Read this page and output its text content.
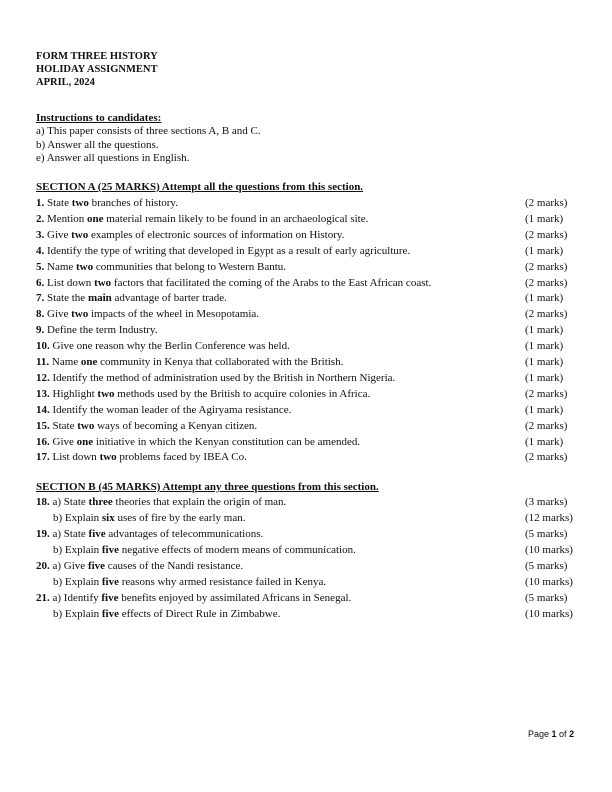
FORM THREE HISTORY
HOLIDAY ASSIGNMENT
APRIL, 2024
Instructions to candidates:
a) This paper consists of three sections A, B and C.
b) Answer all the questions.
e) Answer all questions in English.
SECTION A (25 MARKS) Attempt all the questions from this section.
1. State two branches of history.	(2 marks)
2. Mention one material remain likely to be found in an archaeological site.	(1 mark)
3. Give two examples of electronic sources of information on History.	(2 marks)
4. Identify the type of writing that developed in Egypt as a result of early agriculture.	(1 mark)
5. Name two communities that belong to Western Bantu.	(2 marks)
6. List down two factors that facilitated the coming of the Arabs to the East African coast.	(2 marks)
7. State the main advantage of barter trade.	(1 mark)
8. Give two impacts of the wheel in Mesopotamia.	(2 marks)
9. Define the term Industry.	(1 mark)
10. Give one reason why the Berlin Conference was held.	(1 mark)
11. Name one community in Kenya that collaborated with the British.	(1 mark)
12. Identify the method of administration used by the British in Northern Nigeria.	(1 mark)
13. Highlight two methods used by the British to acquire colonies in Africa.	(2 marks)
14. Identify the woman leader of the Agiryama resistance.	(1 mark)
15. State two ways of becoming a Kenyan citizen.	(2 marks)
16. Give one initiative in which the Kenyan constitution can be amended.	(1 mark)
17. List down two problems faced by IBEA Co.	(2 marks)
SECTION B (45 MARKS) Attempt any three questions from this section.
18. a) State three theories that explain the origin of man.	(3 marks)
b) Explain six uses of fire by the early man.	(12 marks)
19. a) State five advantages of telecommunications.	(5 marks)
b) Explain five negative effects of modern means of communication.	(10 marks)
20. a) Give five causes of the Nandi resistance.	(5 marks)
b) Explain five reasons why armed resistance failed in Kenya.	(10 marks)
21. a) Identify five benefits enjoyed by assimilated Africans in Senegal.	(5 marks)
b) Explain five effects of Direct Rule in Zimbabwe.	(10 marks)
Page 1 of 2
